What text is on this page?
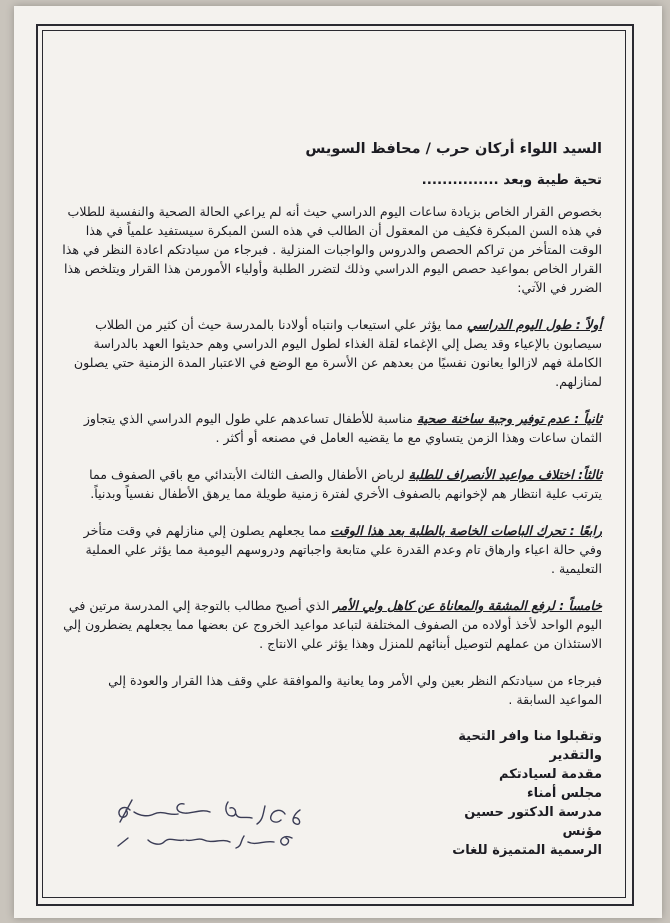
السيد اللواء أركان حرب / محافظ السويس
تحية طيبة وبعد ...............

بخصوص القرار الخاص بزيادة ساعات اليوم الدراسي حيث أنه لم يراعي الحالة الصحية والنفسية للطلاب في هذه السن المبكرة فكيف من المعقول أن الطالب في هذه السن المبكرة سيستفيد علمياً في هذا الوقت المتأخر من تراكم الحصص والدروس والواجبات المنزلية . فبرجاء من سيادتكم اعادة النظر في هذا القرار الخاص بمواعيد حصص اليوم الدراسي وذلك لتضرر الطلبة وأولياء الأمورمن هذا القرار ويتلخص هذا الضرر في الآتي:

أولاً : طول اليوم الدراسي مما يؤثر علي استيعاب وانتباه أولادنا بالمدرسة حيث أن كثير من الطلاب سيصابون بالإعياء وقد يصل إلي الإغماء لقلة الغذاء لطول اليوم الدراسي وهم حديثوا العهد بالدراسة الكاملة فهم لازالوا يعانون نفسيًا من بعدهم عن الأسرة مع الوضع في الاعتبار المدة الزمنية حتي يصلون لمنازلهم.

ثانياً : عدم توفير وجبة ساخنة صحية مناسبة للأطفال تساعدهم علي طول اليوم الدراسي الذي يتجاوز الثمان ساعات وهذا الزمن يتساوي مع ما يقضيه العامل في مصنعه أو أكثر .

ثالثاً: اختلاف مواعيد الأنصراف للطلبة لرياض الأطفال والصف الثالث الأبتدائي مع باقي الصفوف مما يترتب علية انتظار هم لإخوانهم بالصفوف الأخري لفترة زمنية طويلة مما يرهق الأطفال نفسياً وبدنياً.

رابعًا : تحرك الباصات الخاصة بالطلبة بعد هذا الوقت مما يجعلهم يصلون إلي منازلهم في وقت متأخر وفي حالة اعياء وارهاق تام وعدم القدرة علي متابعة واجباتهم ودروسهم اليومية مما يؤثر علي العملية التعليمية .

خامساً : لرفع المشقة والمعاناة عن كاهل ولي الأمر الذي أصبح مطالب بالتوجة إلي المدرسة مرتين في اليوم الواحد لأخذ أولاده من الصفوف المختلفة لتباعد مواعيد الخروج عن بعضها مما يجعلهم يضطرون إلي الاستئذان من عملهم لتوصيل أبنائهم للمنزل وهذا يؤثر علي الانتاج .

فبرجاء من سيادتكم النظر بعين ولي الأمر وما يعانية والموافقة علي وقف هذا القرار والعودة إلي المواعيد السابقة .

وتقبلوا منا وافر التحية والتقدير
مقدمة لسيادتكم
مجلس أمناء
مدرسة الدكتور حسين مؤنس
الرسمية المتميزة للغات
